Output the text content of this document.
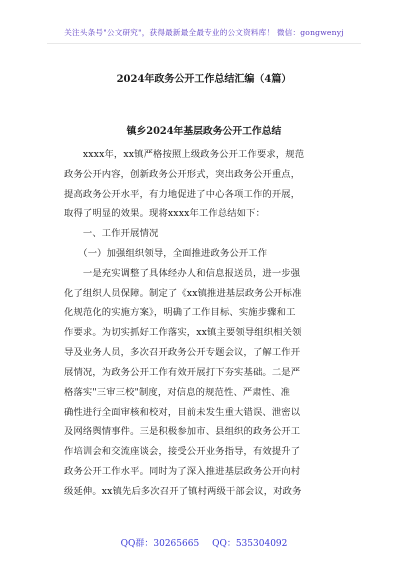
关注头条号"公文研究"，获得最新最全最专业的公文资料库！ 微信：gongwenyj
2024年政务公开工作总结汇编（4篇）
镇乡2024年基层政务公开工作总结
　　xxxx年，xx镇严格按照上级政务公开工作要求，规范
政务公开内容，创新政务公开形式，突出政务公开重点，
提高政务公开水平，有力地促进了中心各项工作的开展，
取得了明显的效果。现将xxxx年工作总结如下：
　　一、工作开展情况
　　（一）加强组织领导，全面推进政务公开工作
　　一是充实调整了具体经办人和信息报送员，进一步强
化了组织人员保障。制定了《xx镇推进基层政务公开标准
化规范化的实施方案》，明确了工作目标、实施步骤和工
作要求。为切实抓好工作落实，xx镇主要领导组织相关领
导及业务人员，多次召开政务公开专题会议，了解工作开
展情况，为政务公开工作有效开展打下夯实基础。二是严
格落实"三审三校"制度，对信息的规范性、严肃性、准
确性进行全面审核和校对，目前未发生重大错误、泄密以
及网络舆情事件。三是积极参加市、县组织的政务公开工
作培训会和交流座谈会，接受公开业务指导，有效提升了
政务公开工作水平。同时为了深入推进基层政务公开向村
级延伸。xx镇先后多次召开了镇村两级干部会议，对政务
QQ群：30265665 QQ：535304092
